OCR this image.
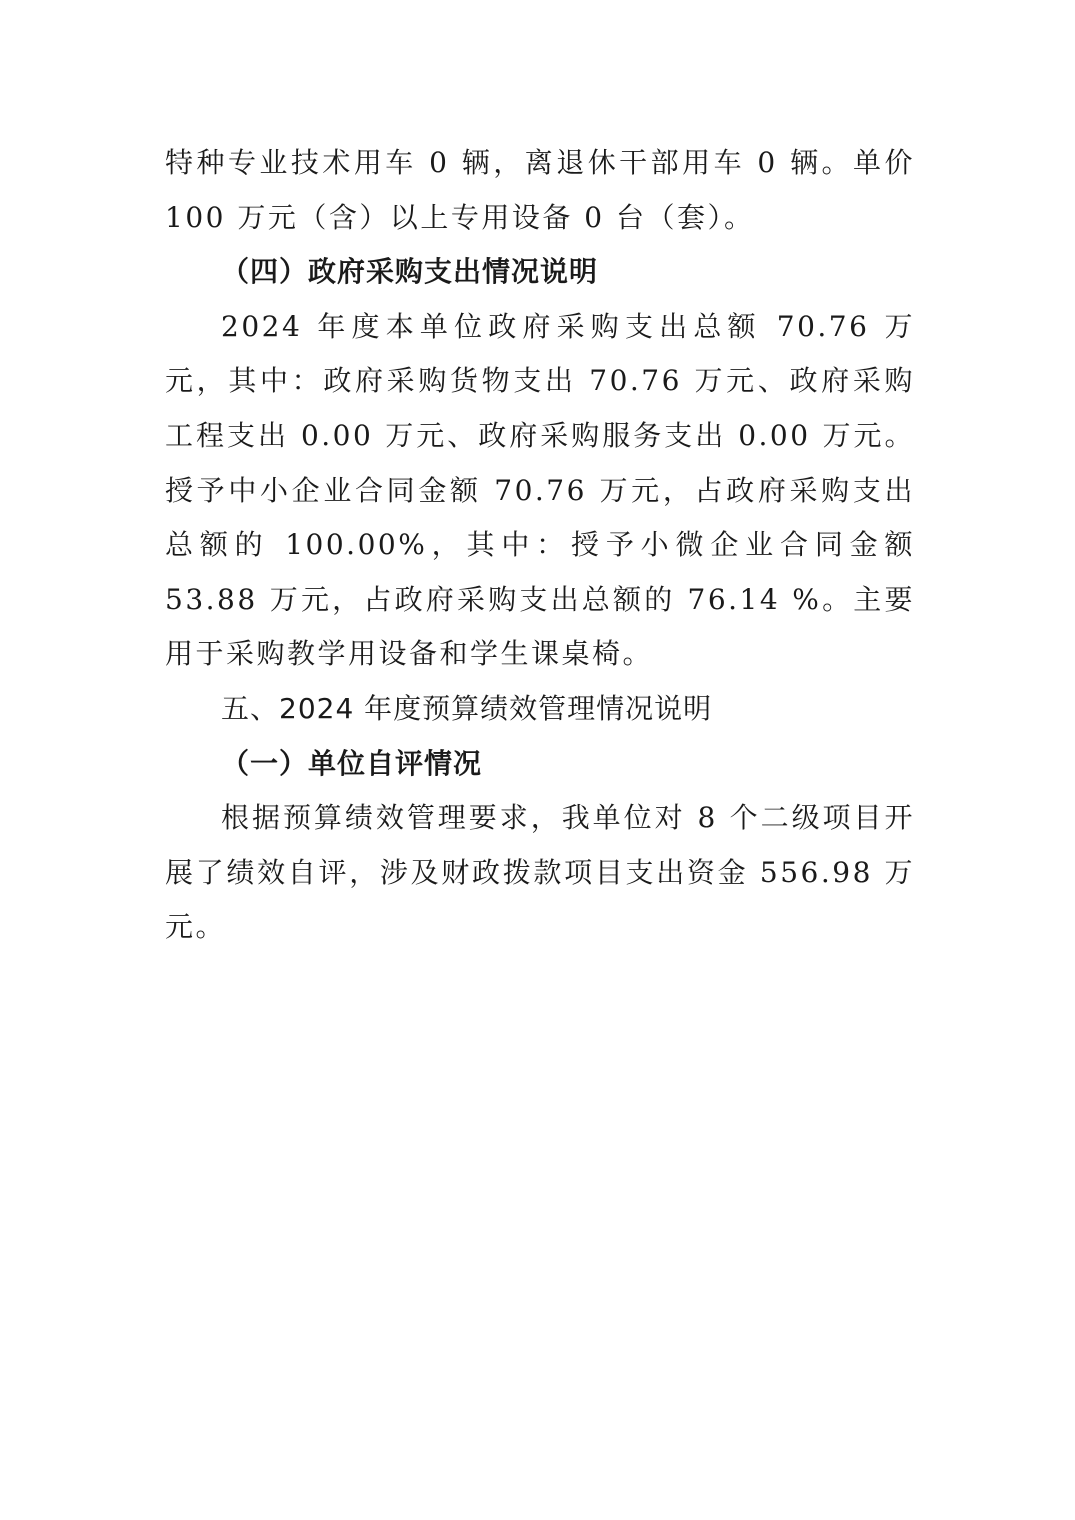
特种专业技术用车 0 辆，离退休干部用车 0 辆。单价 100 万元（含）以上专用设备 0 台（套）。

（四）政府采购支出情况说明

2024 年度本单位政府采购支出总额 70.76 万元，其中：政府采购货物支出 70.76 万元、政府采购工程支出 0.00 万元、政府采购服务支出 0.00 万元。授予中小企业合同金额 70.76 万元，占政府采购支出总额的 100.00%，其中：授予小微企业合同金额 53.88 万元，占政府采购支出总额的 76.14 %。主要用于采购教学用设备和学生课桌椅。

五、2024 年度预算绩效管理情况说明

（一）单位自评情况

根据预算绩效管理要求，我单位对 8 个二级项目开展了绩效自评，涉及财政拨款项目支出资金 556.98 万元。
